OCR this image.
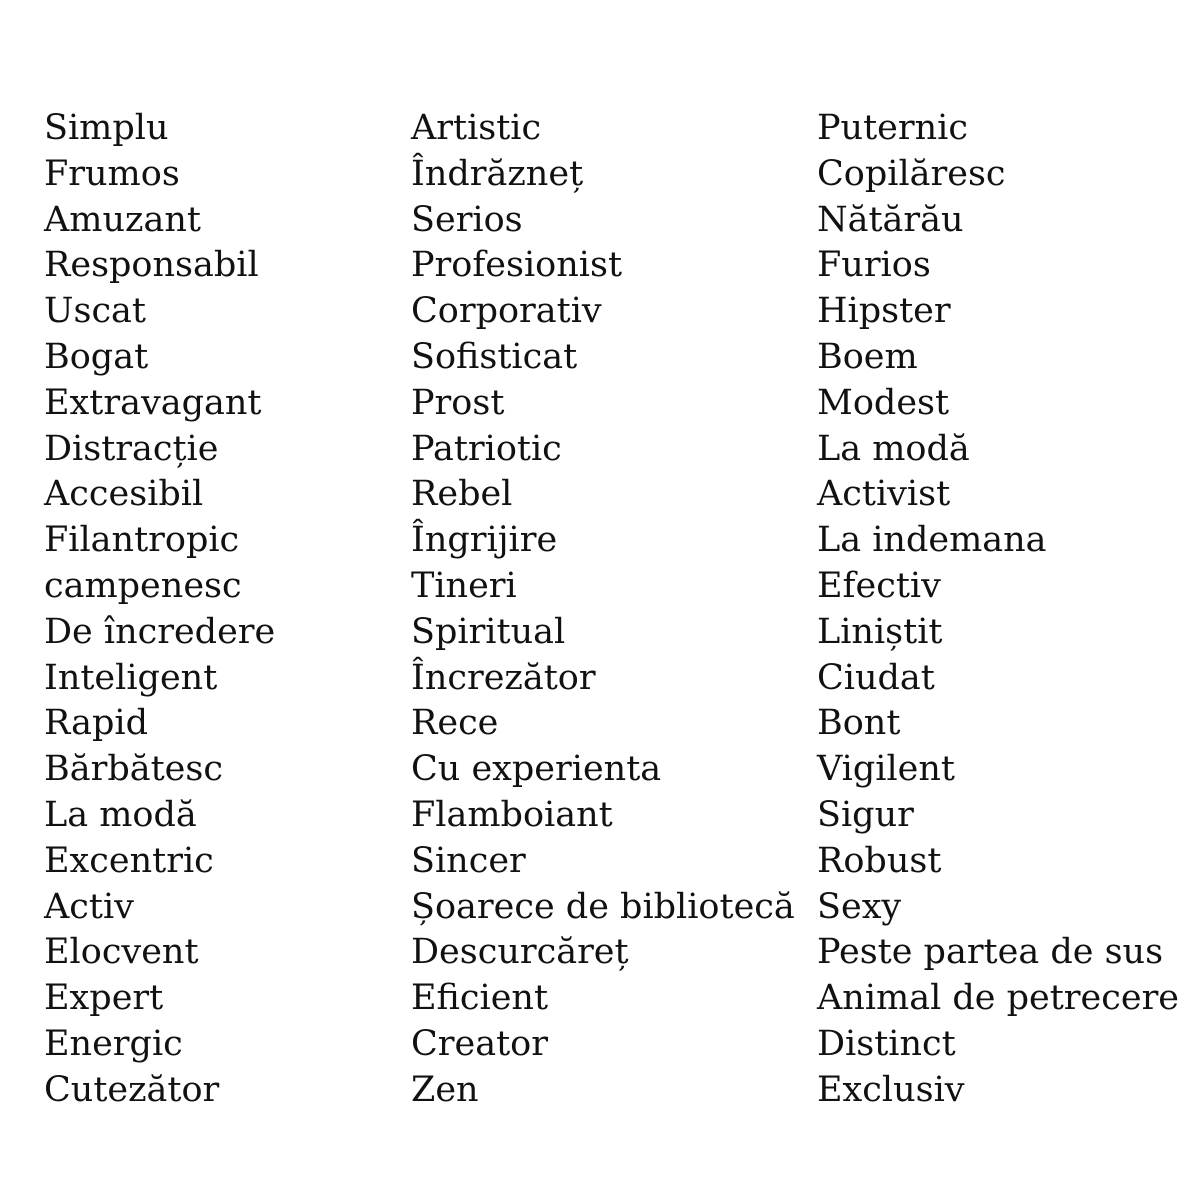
Simplu
Frumos
Amuzant
Responsabil
Uscat
Bogat
Extravagant
Distracție
Accesibil
Filantropic
campenesc
De încredere
Inteligent
Rapid
Bărbătesc
La modă
Excentric
Activ
Elocvent
Expert
Energic
Cutezător
Artistic
Îndrăzneț
Serios
Profesionist
Corporativ
Sofisticat
Prost
Patriotic
Rebel
Îngrijire
Tineri
Spiritual
Încrezător
Rece
Cu experienta
Flamboiant
Sincer
Șoarece de bibliotecă
Descurcăreț
Eficient
Creator
Zen
Puternic
Copilăresc
Nătărău
Furios
Hipster
Boem
Modest
La modă
Activist
La indemana
Efectiv
Liniștit
Ciudat
Bont
Vigilent
Sigur
Robust
Sexy
Peste partea de sus
Animal de petrecere
Distinct
Exclusiv
